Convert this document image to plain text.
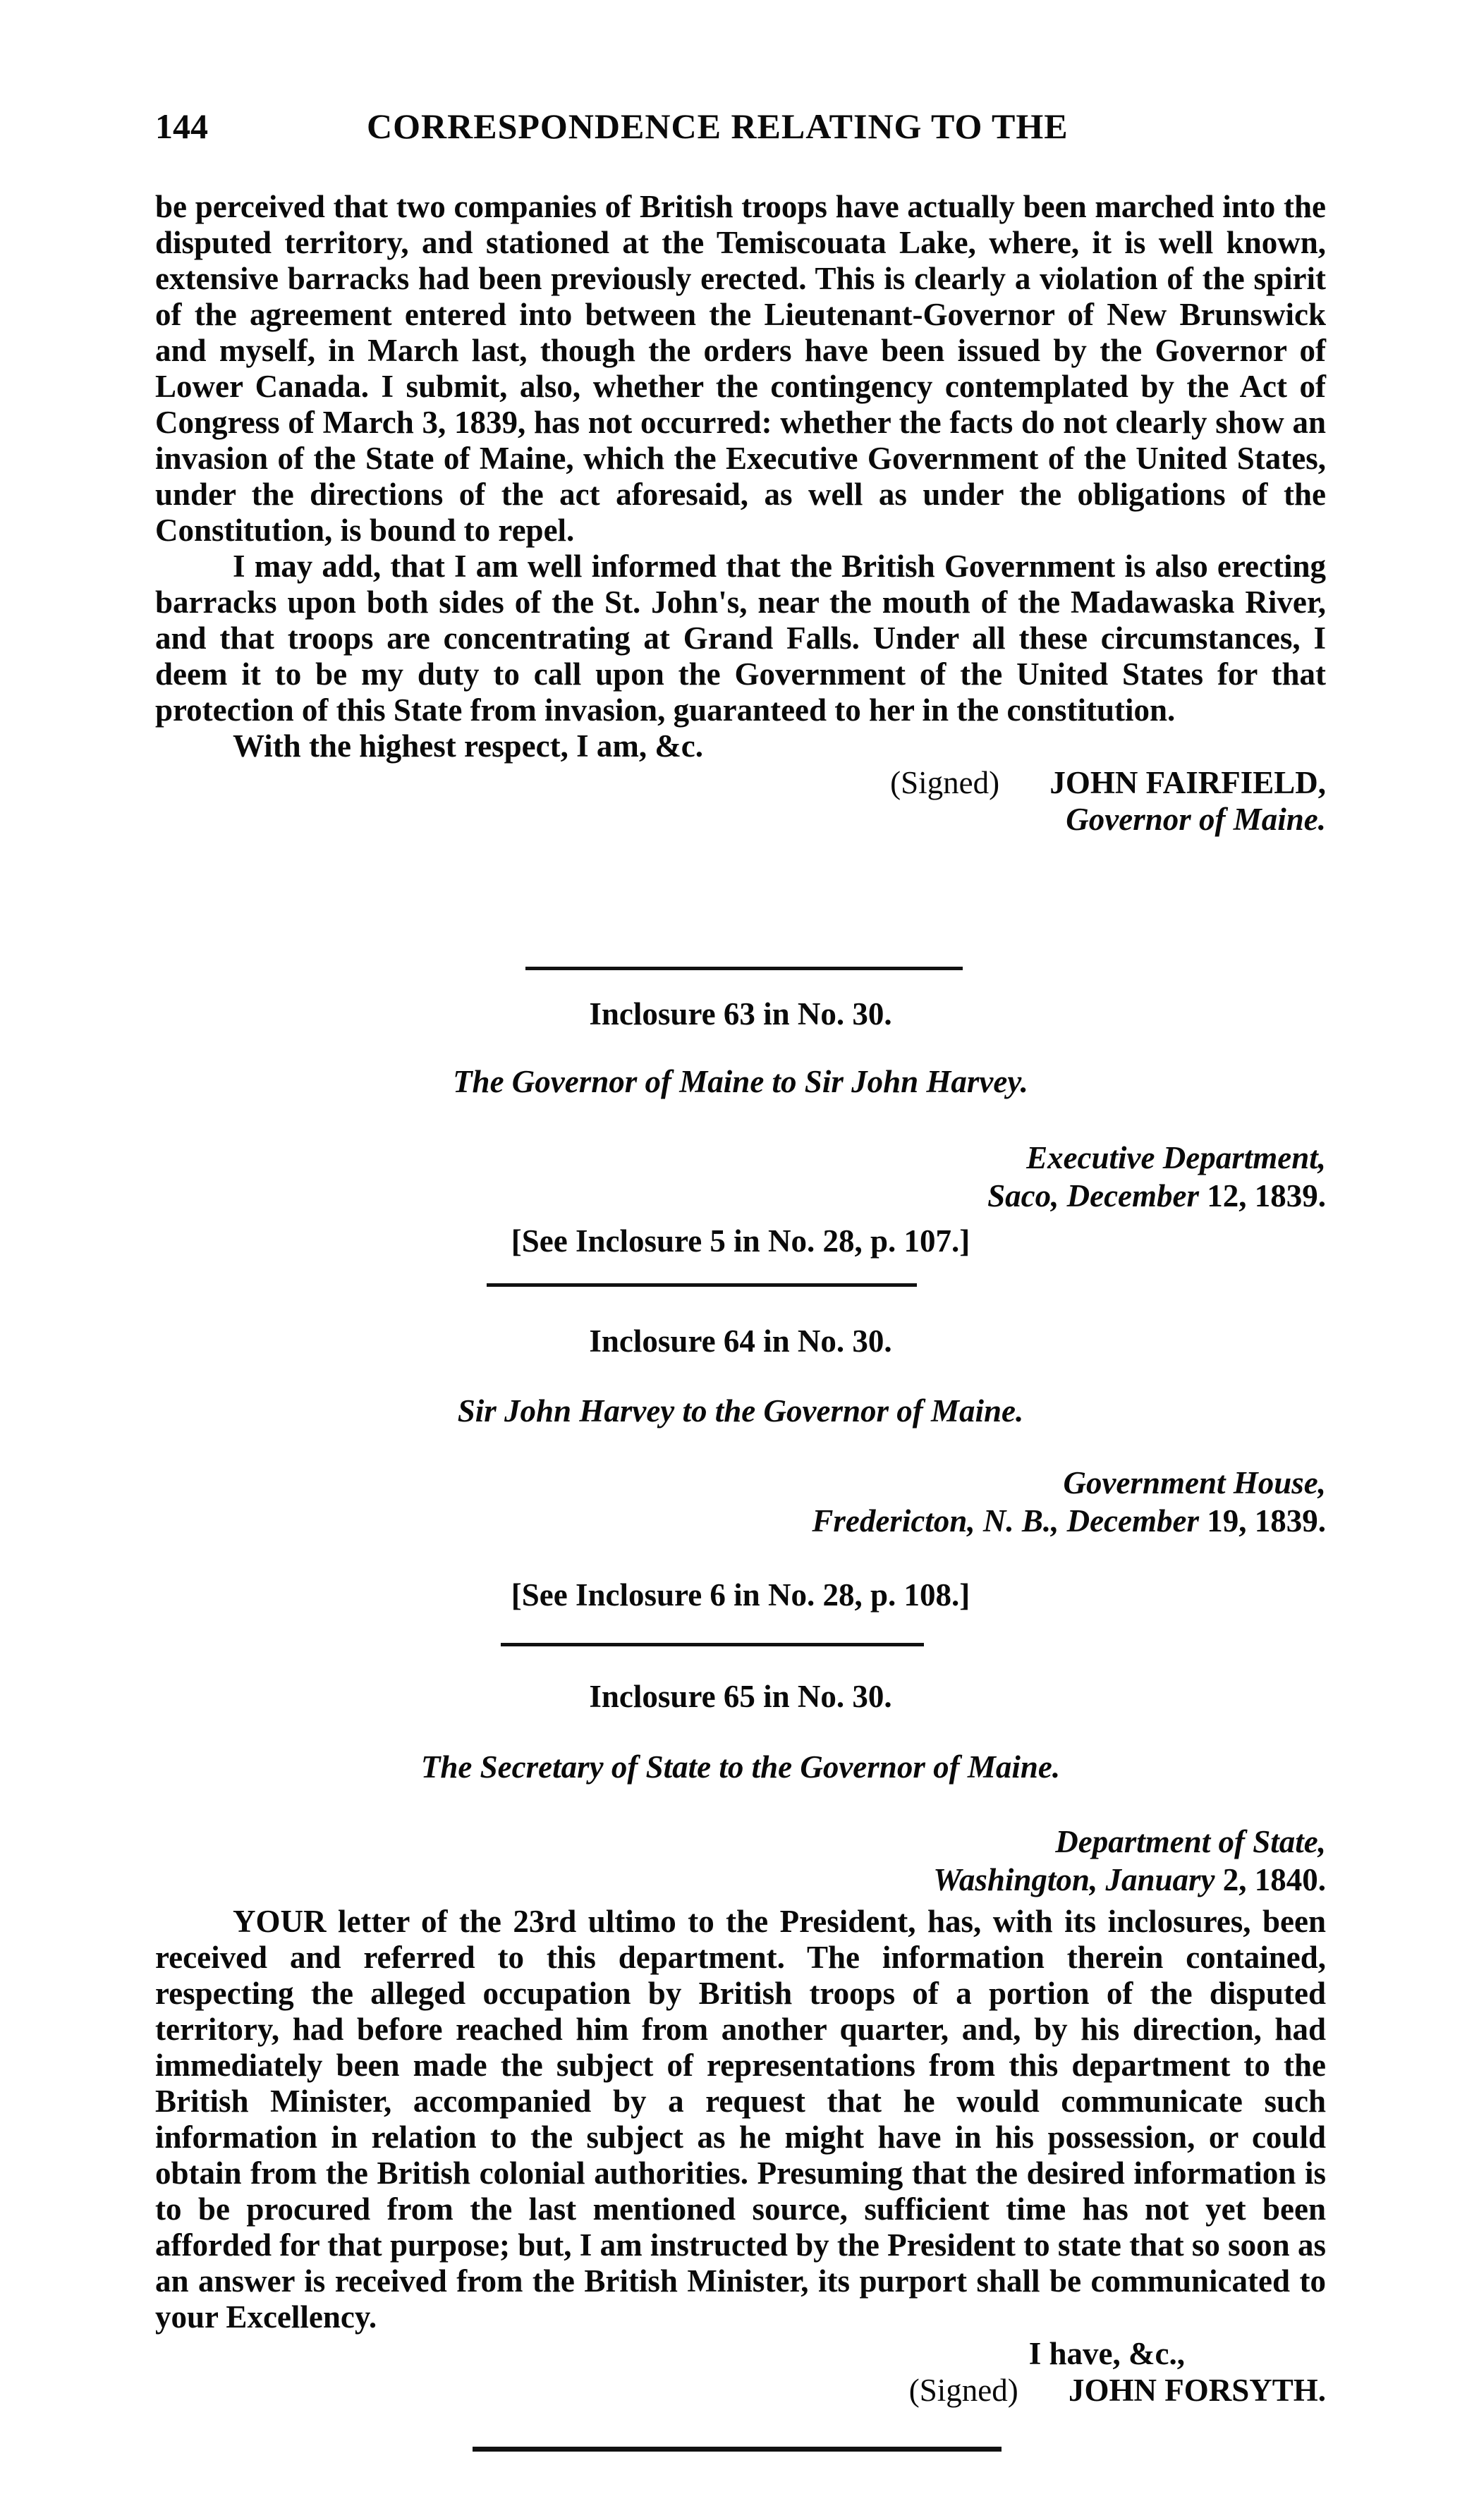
144	CORRESPONDENCE RELATING TO THE

be perceived that two companies of British troops have actually been marched into the disputed territory, and stationed at the Temiscouata Lake, where, it is well known, extensive barracks had been previously erected. This is clearly a violation of the spirit of the agreement entered into between the Lieutenant-Governor of New Brunswick and myself, in March last, though the orders have been issued by the Governor of Lower Canada. I submit, also, whether the contingency contemplated by the Act of Congress of March 3, 1839, has not occurred: whether the facts do not clearly show an invasion of the State of Maine, which the Executive Government of the United States, under the directions of the act aforesaid, as well as under the obligations of the Constitution, is bound to repel.

I may add, that I am well informed that the British Government is also erecting barracks upon both sides of the St. John's, near the mouth of the Madawaska River, and that troops are concentrating at Grand Falls. Under all these circumstances, I deem it to be my duty to call upon the Government of the United States for that protection of this State from invasion, guaranteed to her in the constitution.

With the highest respect, I am, &c.
(Signed) JOHN FAIRFIELD,
Governor of Maine.
Inclosure 63 in No. 30.
The Governor of Maine to Sir John Harvey.
Executive Department,
Saco, December 12, 1839.
[See Inclosure 5 in No. 28, p. 107.]
Inclosure 64 in No. 30.
Sir John Harvey to the Governor of Maine.
Government House,
Fredericton, N. B., December 19, 1839.
[See Inclosure 6 in No. 28, p. 108.]
Inclosure 65 in No. 30.
The Secretary of State to the Governor of Maine.
Department of State,
Washington, January 2, 1840.

YOUR letter of the 23rd ultimo to the President, has, with its inclosures, been received and referred to this department. The information therein contained, respecting the alleged occupation by British troops of a portion of the disputed territory, had before reached him from another quarter, and, by his direction, had immediately been made the subject of representations from this department to the British Minister, accompanied by a request that he would communicate such information in relation to the subject as he might have in his possession, or could obtain from the British colonial authorities. Presuming that the desired information is to be procured from the last mentioned source, sufficient time has not yet been afforded for that purpose; but, I am instructed by the President to state that so soon as an answer is received from the British Minister, its purport shall be communicated to your Excellency.

I have, &c.,
(Signed) JOHN FORSYTH.
